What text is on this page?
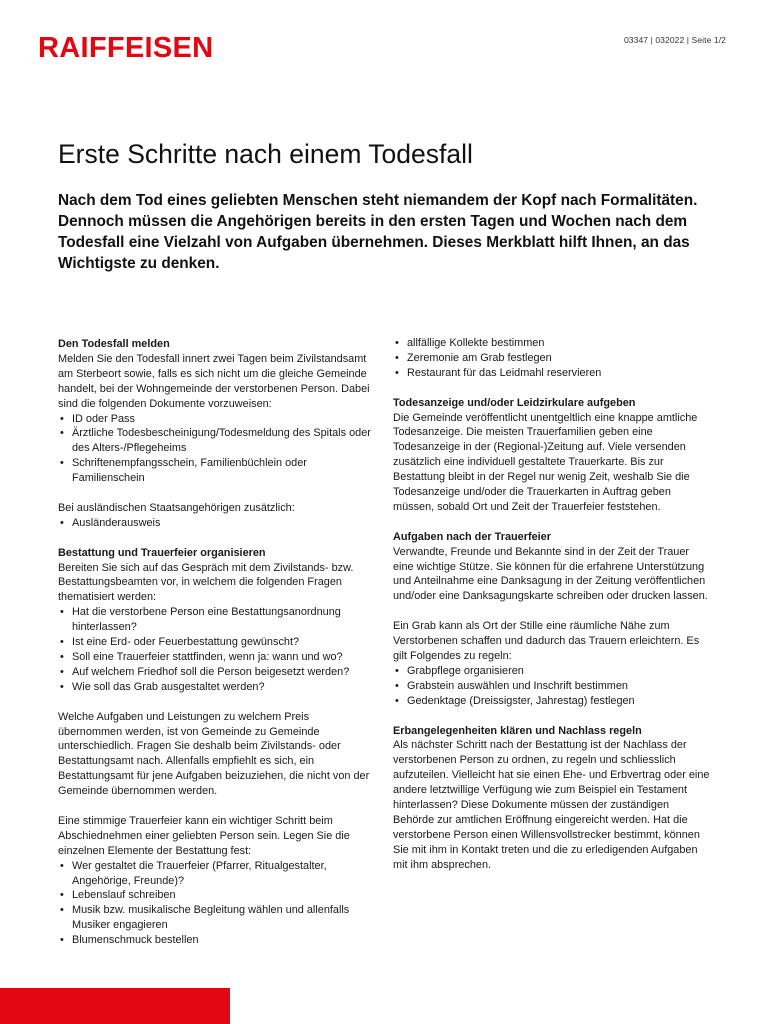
RAIFFEISEN	03347 | 032022 | Seite 1/2
Erste Schritte nach einem Todesfall

Nach dem Tod eines geliebten Menschen steht niemandem der Kopf nach Formalitäten. Dennoch müssen die Angehörigen bereits in den ersten Tagen und Wochen nach dem Todesfall eine Vielzahl von Aufgaben übernehmen. Dieses Merkblatt hilft Ihnen, an das Wichtigste zu denken.

Den Todesfall melden

Melden Sie den Todesfall innert zwei Tagen beim Zivilstandsamt am Sterbeort sowie, falls es sich nicht um die gleiche Gemeinde handelt, bei der Wohngemeinde der verstorbenen Person. Dabei sind die folgenden Dokumente vorzuweisen:

• ID oder Pass
• Ärztliche Todesbescheinigung/Todesmeldung des Spitals oder des Alters-/Pflegeheims
• Schriftenempfangsschein, Familienbüchlein oder Familienschein

Bei ausländischen Staatsangehörigen zusätzlich:

• Ausländerausweis
Bestattung und Trauerfeier organisieren

Bereiten Sie sich auf das Gespräch mit dem Zivilstands- bzw. Bestattungsbeamten vor, in welchem die folgenden Fragen thematisiert werden:

• Hat die verstorbene Person eine Bestattungsanordnung hinterlassen?
• Ist eine Erd- oder Feuerbestattung gewünscht?
• Soll eine Trauerfeier stattfinden, wenn ja: wann und wo?
• Auf welchem Friedhof soll die Person beigesetzt werden?
• Wie soll das Grab ausgestaltet werden?

Welche Aufgaben und Leistungen zu welchem Preis übernommen werden, ist von Gemeinde zu Gemeinde unterschiedlich. Fragen Sie deshalb beim Zivilstands- oder Bestattungsamt nach. Allenfalls empfiehlt es sich, ein Bestattungsamt für jene Aufgaben beizuziehen, die nicht von der Gemeinde übernommen werden.

Eine stimmige Trauerfeier kann ein wichtiger Schritt beim Abschiednehmen einer geliebten Person sein. Legen Sie die einzelnen Elemente der Bestattung fest:

• Wer gestaltet die Trauerfeier (Pfarrer, Ritualgestalter, Angehörige, Freunde)?
• Lebenslauf schreiben
• Musik bzw. musikalische Begleitung wählen und allenfalls Musiker engagieren
• Blumenschmuck bestellen
• allfällige Kollekte bestimmen
• Zeremonie am Grab festlegen
• Restaurant für das Leidmahl reservieren
Todesanzeige und/oder Leidzirkulare aufgeben

Die Gemeinde veröffentlicht unentgeltlich eine knappe amtliche Todesanzeige. Die meisten Trauerfamilien geben eine Todesanzeige in der (Regional-)Zeitung auf. Viele versenden zusätzlich eine individuell gestaltete Trauerkarte. Bis zur Bestattung bleibt in der Regel nur wenig Zeit, weshalb Sie die Todesanzeige und/oder die Trauerkarten in Auftrag geben müssen, sobald Ort und Zeit der Trauerfeier feststehen.

Aufgaben nach der Trauerfeier

Verwandte, Freunde und Bekannte sind in der Zeit der Trauer eine wichtige Stütze. Sie können für die erfahrene Unterstützung und Anteilnahme eine Danksagung in der Zeitung veröffentlichen und/oder eine Danksagungskarte schreiben oder drucken lassen.

Ein Grab kann als Ort der Stille eine räumliche Nähe zum Verstorbenen schaffen und dadurch das Trauern erleichtern. Es gilt Folgendes zu regeln:

• Grabpflege organisieren
• Grabstein auswählen und Inschrift bestimmen
• Gedenktage (Dreissigster, Jahrestag) festlegen
Erbangelegenheiten klären und Nachlass regeln

Als nächster Schritt nach der Bestattung ist der Nachlass der verstorbenen Person zu ordnen, zu regeln und schliesslich aufzuteilen. Vielleicht hat sie einen Ehe- und Erbvertrag oder eine andere letztwillige Verfügung wie zum Beispiel ein Testament hinterlassen? Diese Dokumente müssen der zuständigen Behörde zur amtlichen Eröffnung eingereicht werden. Hat die verstorbene Person einen Willensvollstrecker bestimmt, können Sie mit ihm in Kontakt treten und die zu erledigenden Aufgaben mit ihm absprechen.
